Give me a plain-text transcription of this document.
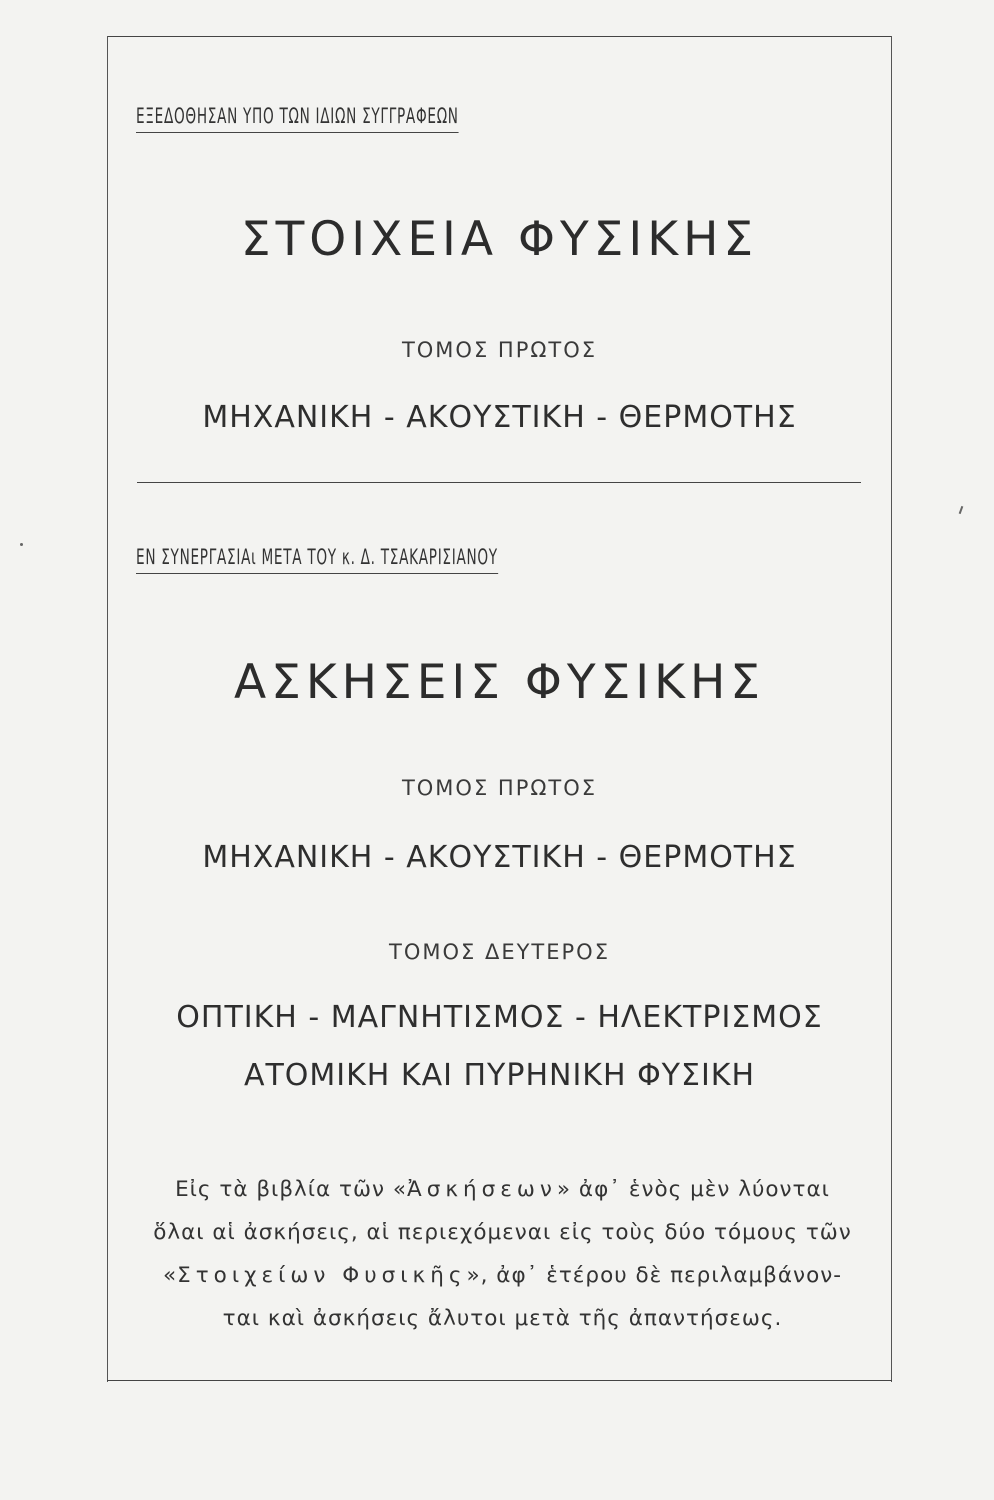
ΕΞΕΔΟΘΗΣΑΝ ΥΠΟ ΤΩΝ ΙΔΙΩΝ ΣΥΓΓΡΑΦΕΩΝ
ΣΤΟΙΧΕΙΑ ΦΥΣΙΚΗΣ
ΤΟΜΟΣ ΠΡΩΤΟΣ
ΜΗΧΑΝΙΚΗ - ΑΚΟΥΣΤΙΚΗ - ΘΕΡΜΟΤΗΣ
ΕΝ ΣΥΝΕΡΓΑΣΙΑι ΜΕΤΑ ΤΟΥ κ. Δ. ΤΣΑΚΑΡΙΣΙΑΝΟΥ
ΑΣΚΗΣΕΙΣ ΦΥΣΙΚΗΣ
ΤΟΜΟΣ ΠΡΩΤΟΣ
ΜΗΧΑΝΙΚΗ - ΑΚΟΥΣΤΙΚΗ - ΘΕΡΜΟΤΗΣ
ΤΟΜΟΣ ΔΕΥΤΕΡΟΣ
ΟΠΤΙΚΗ - ΜΑΓΝΗΤΙΣΜΟΣ - ΗΛΕΚΤΡΙΣΜΟΣ
ΑΤΟΜΙΚΗ ΚΑΙ ΠΥΡΗΝΙΚΗ ΦΥΣΙΚΗ
Εἰς τὰ βιβλία τῶν «Ἀσκήσεων» ἀφ᾽ ἑνὸς μὲν λύονται
ὅλαι αἱ ἀσκήσεις, αἱ περιεχόμεναι εἰς τοὺς δύο τόμους τῶν
«Στοιχείων Φυσικῆς», ἀφ᾽ ἑτέρου δὲ περιλαμβάνον-
ται καὶ ἀσκήσεις ἄλυτοι μετὰ τῆς ἀπαντήσεως.
